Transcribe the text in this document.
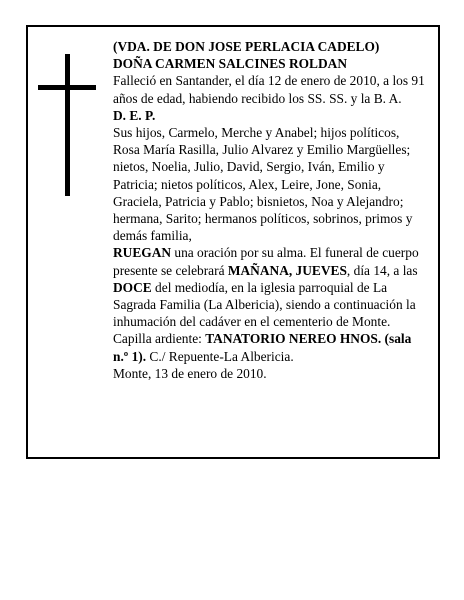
(VDA. DE DON JOSE PERLACIA CADELO)

DOÑA CARMEN SALCINES ROLDAN

Falleció en Santander, el día 12 de enero de 2010, a los 91 años de edad, habiendo recibido los SS. SS. y la B. A.

D. E. P.

Sus hijos, Carmelo, Merche y Anabel; hijos políticos, Rosa María Rasilla, Julio Alvarez y Emilio Margüelles; nietos, Noelia, Julio, David, Sergio, Iván, Emilio y Patricia; nietos políticos, Alex, Leire, Jone, Sonia, Graciela, Patricia y Pablo; bisnietos, Noa y Alejandro; hermana, Sarito; hermanos políticos, sobrinos, primos y demás familia,

RUEGAN una oración por su alma. El funeral de cuerpo presente se celebrará MAÑANA, JUEVES, día 14, a las DOCE del mediodía, en la iglesia parroquial de La Sagrada Familia (La Albericia), siendo a continuación la inhumación del cadáver en el cementerio de Monte. Capilla ardiente: TANATORIO NEREO HNOS. (sala n.º 1). C./ Repuente-La Albericia.

Monte, 13 de enero de 2010.
